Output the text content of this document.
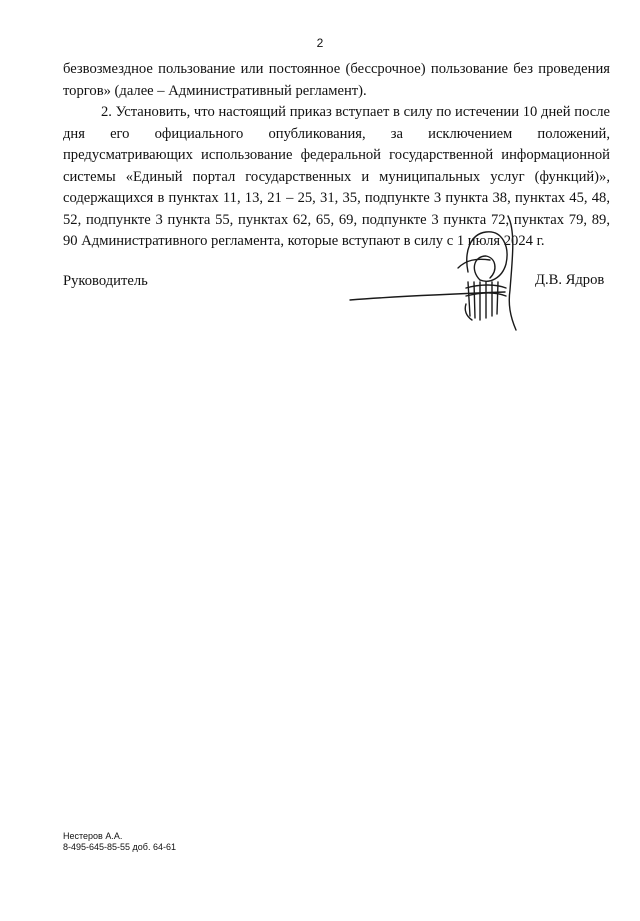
2

безвозмездное пользование или постоянное (бессрочное) пользование без проведения торгов» (далее – Административный регламент).

2. Установить, что настоящий приказ вступает в силу по истечении 10 дней после дня его официального опубликования, за исключением положений, предусматривающих использование федеральной государственной информационной системы «Единый портал государственных и муниципальных услуг (функций)», содержащихся в пунктах 11, 13, 21 – 25, 31, 35, подпункте 3 пункта 38, пунктах 45, 48, 52, подпункте 3 пункта 55, пунктах 62, 65, 69, подпункте 3 пункта 72, пунктах 79, 89, 90 Административного регламента, которые вступают в силу с 1 июля 2024 г.

Руководитель	Д.В. Ядров
Нестеров А.А.
8-495-645-85-55 доб. 64-61
